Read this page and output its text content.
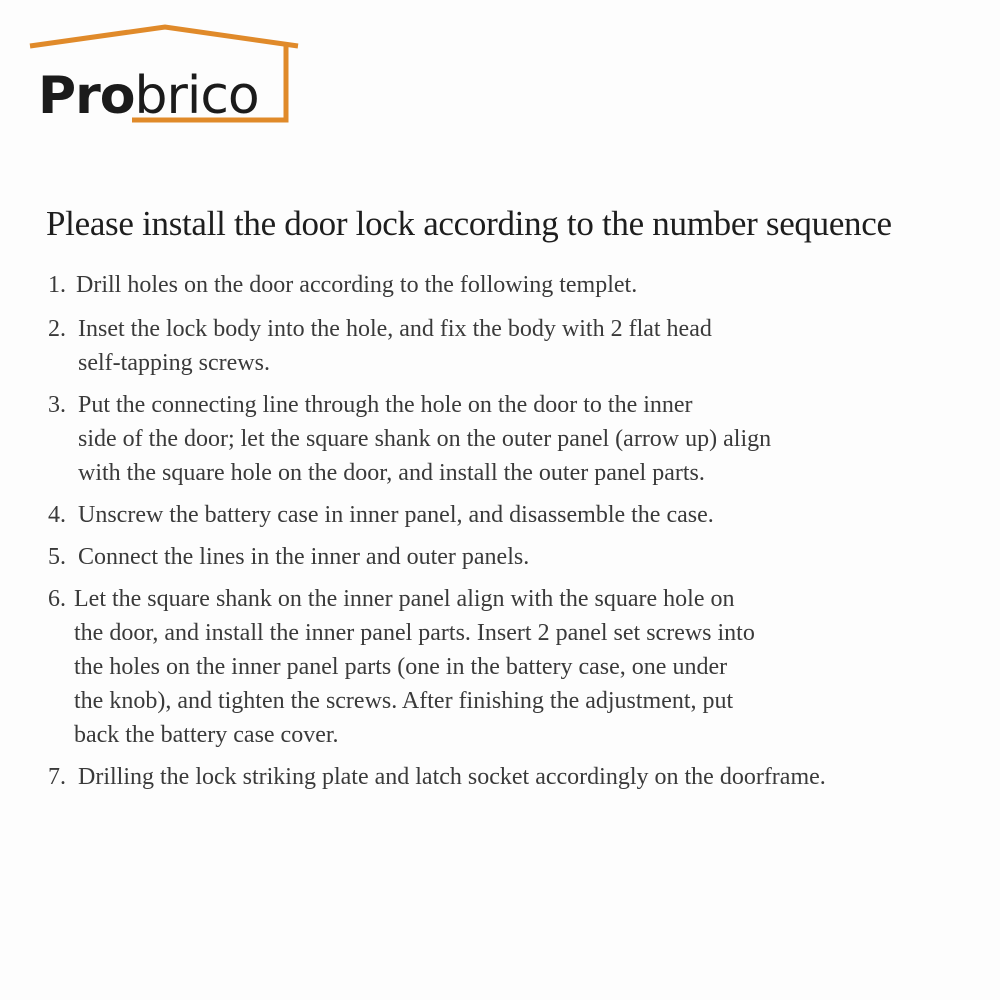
Probrico
Please install the door lock according to the number sequence
1. Drill holes on the door according to the following templet.
2. Inset the lock body into the hole, and fix the body with 2 flat head
self-tapping screws.
3. Put the connecting line through the hole on the door to the inner
side of the door; let the square shank on the outer panel (arrow up) align
with the square hole on the door, and install the outer panel parts.
4. Unscrew the battery case in inner panel, and disassemble the case.
5. Connect the lines in the inner and outer panels.
6. Let the square shank on the inner panel align with the square hole on
the door, and install the inner panel parts. Insert 2 panel set screws into
the holes on the inner panel parts (one in the battery case, one under
the knob), and tighten the screws. After finishing the adjustment, put
back the battery case cover.
7. Drilling the lock striking plate and latch socket accordingly on the doorframe.
